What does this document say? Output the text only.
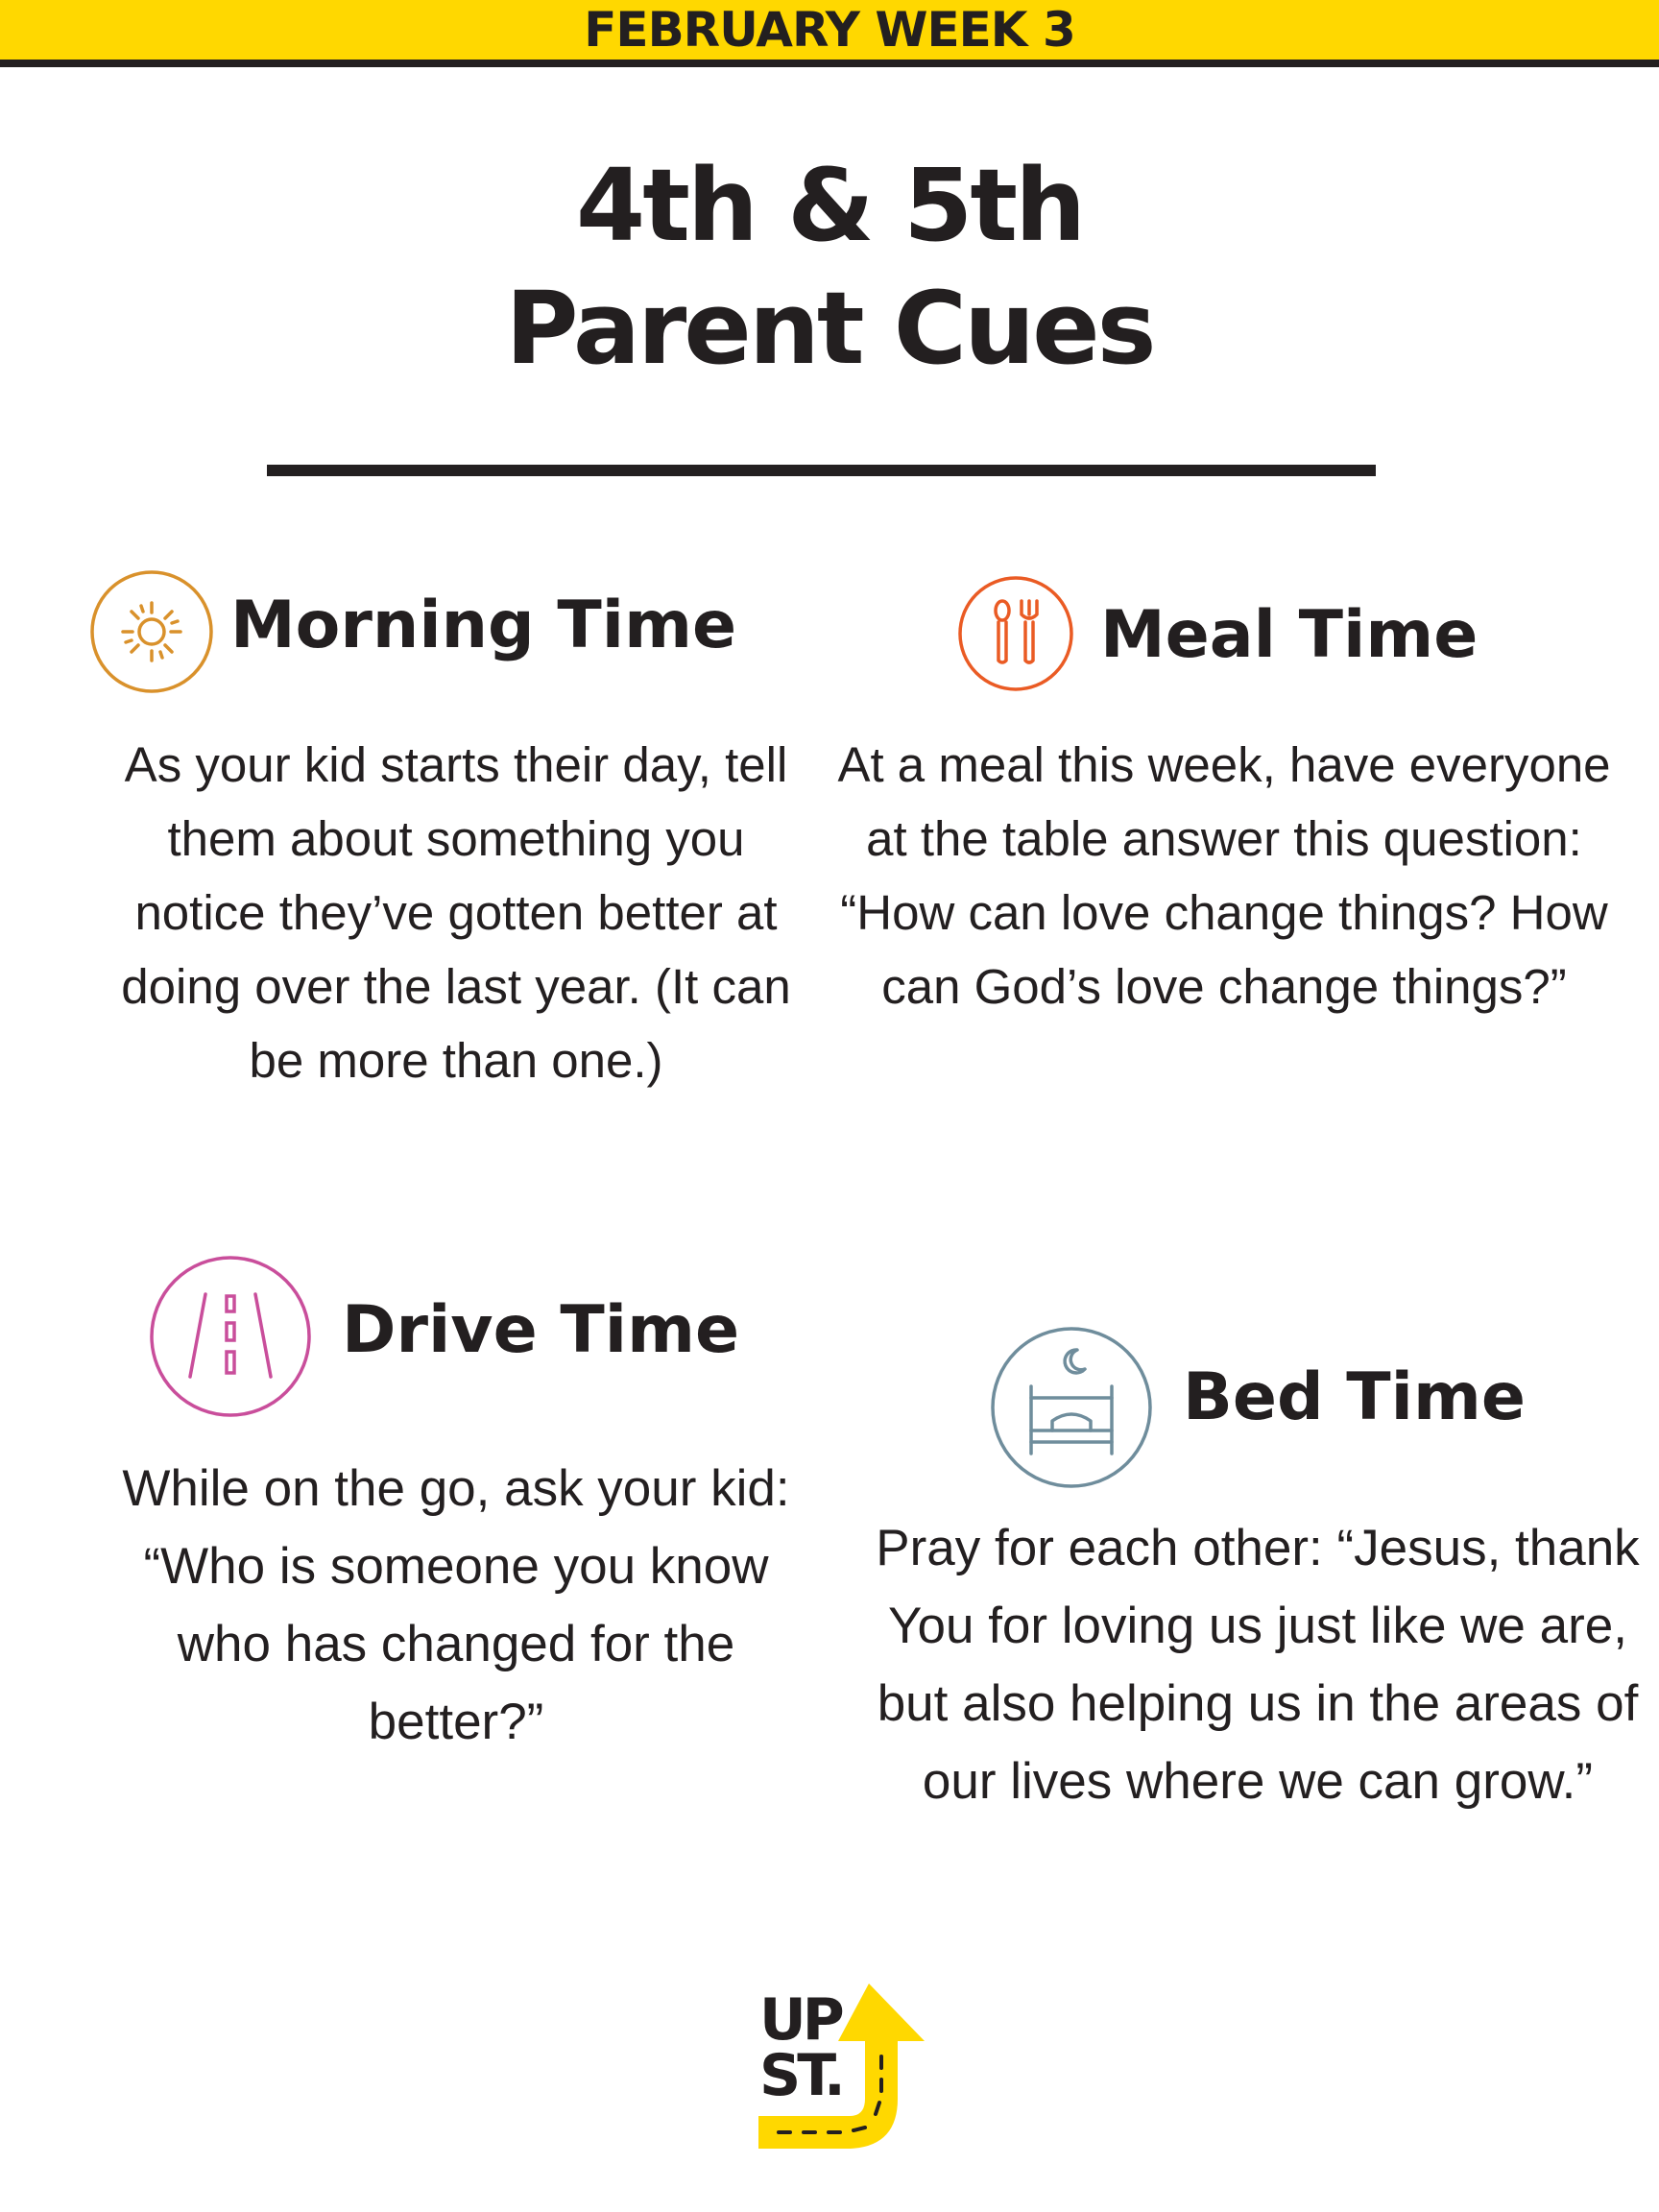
FEBRUARY WEEK 3
4th & 5th
Parent Cues
Morning Time
As your kid starts their day, tell them about something you notice they’ve gotten better at doing over the last year. (It can be more than one.)
Meal Time
At a meal this week, have everyone at the table answer this question: “How can love change things? How can God’s love change things?”
Drive Time
While on the go, ask your kid: “Who is someone you know who has changed for the better?”
Bed Time
Pray for each other: “Jesus, thank You for loving us just like we are, but also helping us in the areas of our lives where we can grow.”
UP
ST.
